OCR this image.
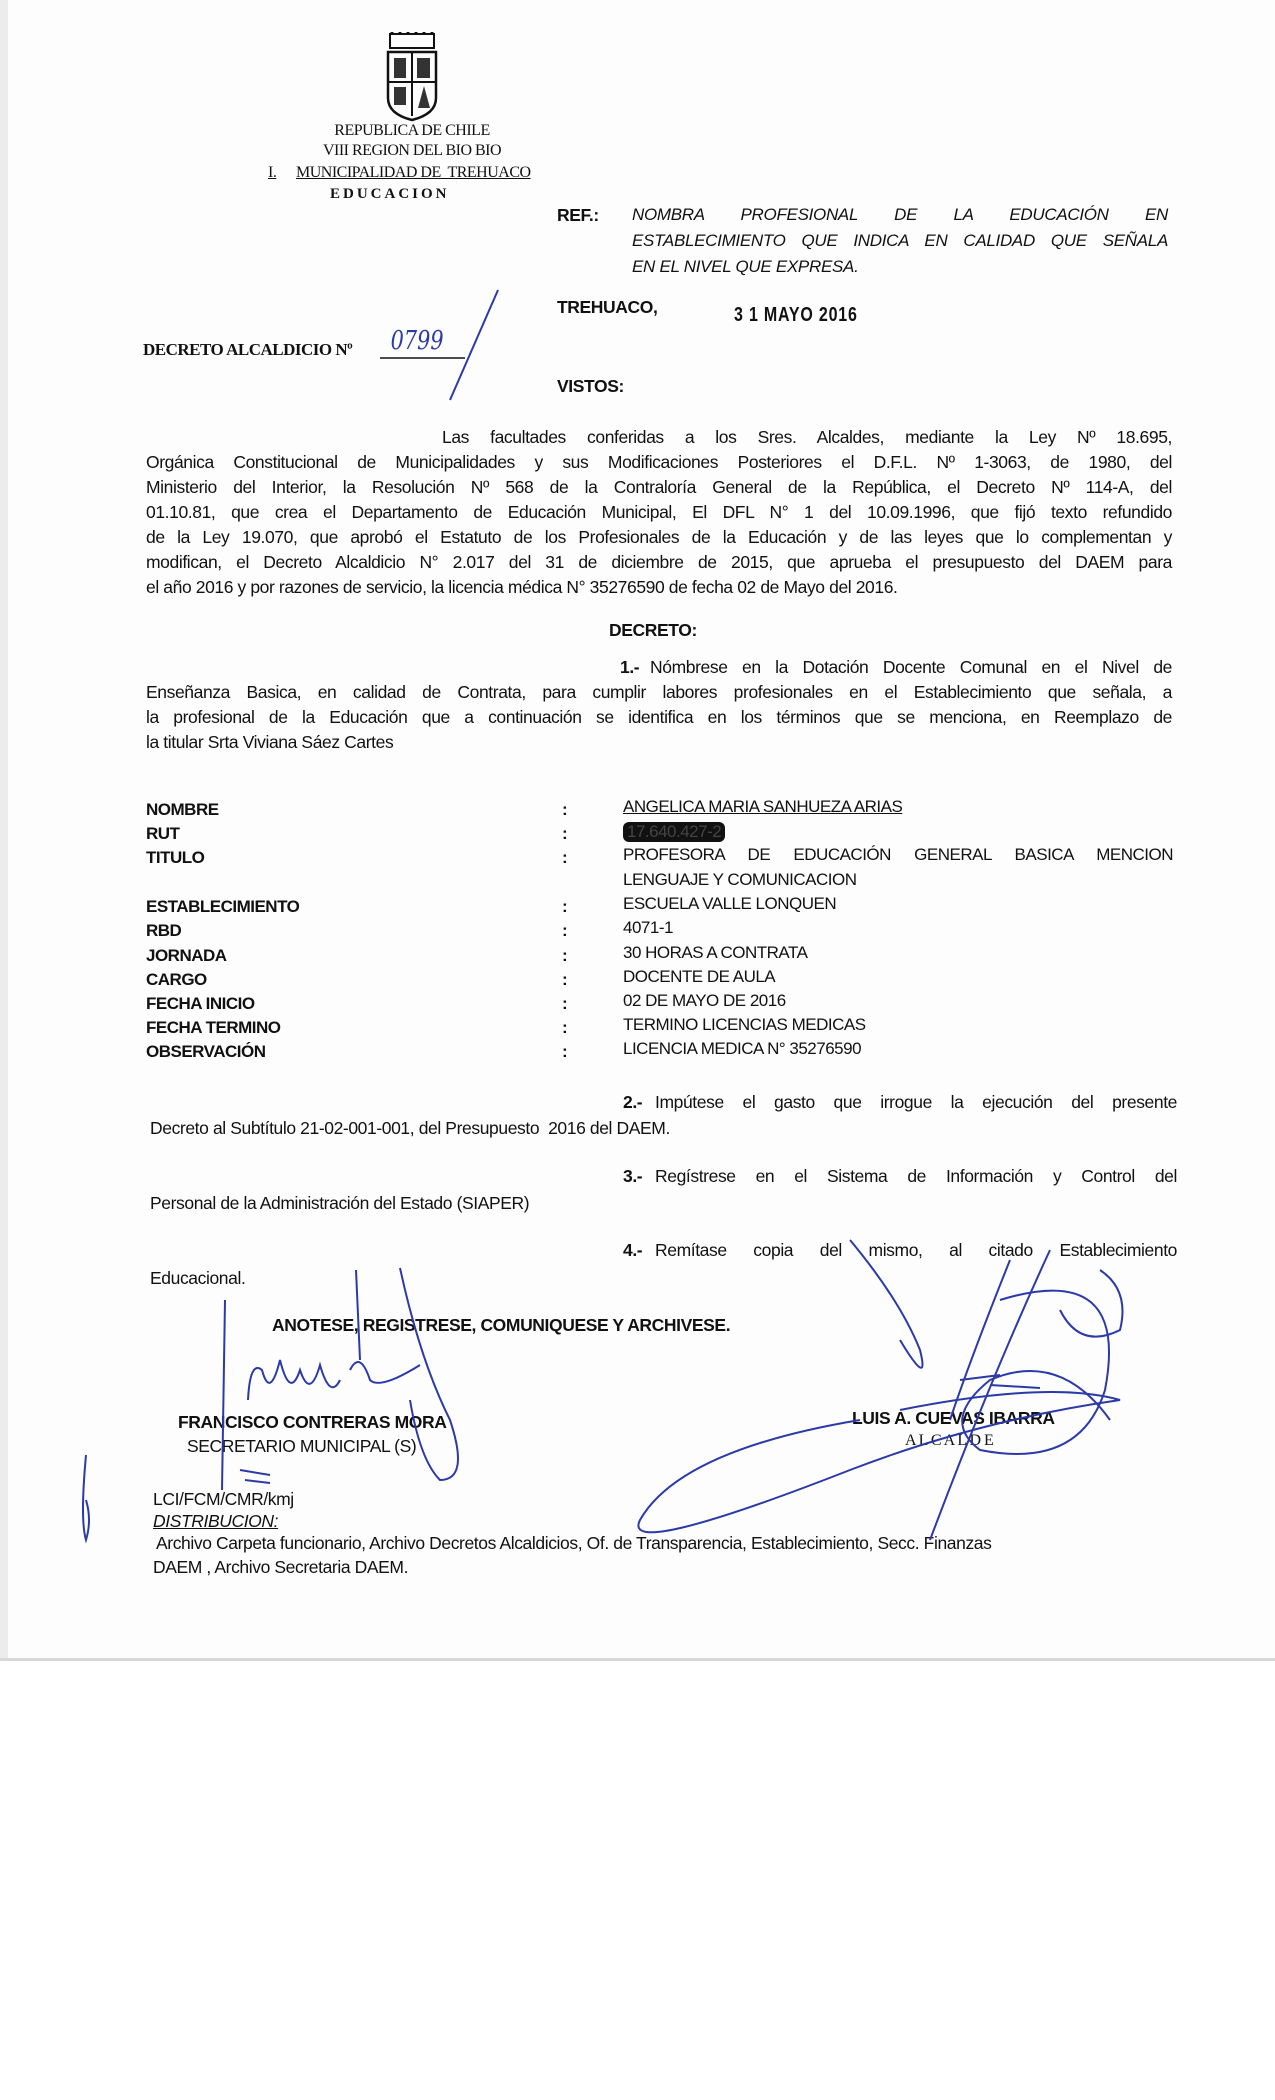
REPUBLICA DE CHILE
VIII REGION DEL BIO BIO
I. MUNICIPALIDAD DE  TREHUACO
EDUCACION
REF.: NOMBRA PROFESIONAL DE LA EDUCACIÓN EN
ESTABLECIMIENTO QUE INDICA EN CALIDAD QUE SEÑALA
EN EL NIVEL QUE EXPRESA.
TREHUACO,	3 1 MAYO 2016
DECRETO ALCALDICIO Nº 0799
VISTOS:
Las facultades conferidas a los Sres. Alcaldes, mediante la Ley Nº 18.695,
Orgánica Constitucional de Municipalidades y sus Modificaciones Posteriores el D.F.L. Nº 1-3063, de 1980, del
Ministerio del Interior, la Resolución Nº 568 de la Contraloría General de la República, el Decreto Nº 114-A, del
01.10.81, que crea el Departamento de Educación Municipal, El DFL N° 1 del 10.09.1996, que fijó texto refundido
de la Ley 19.070, que aprobó el Estatuto de los Profesionales de la Educación y de las leyes que lo complementan y
modifican, el Decreto Alcaldicio N° 2.017 del 31 de diciembre de 2015, que aprueba el presupuesto del DAEM para
el año 2016 y por razones de servicio, la licencia médica N° 35276590 de fecha 02 de Mayo del 2016.
DECRETO:
1.- Nómbrese en la Dotación Docente Comunal en el Nivel de
Enseñanza Basica, en calidad de Contrata, para cumplir labores profesionales en el Establecimiento que señala, a
la profesional de la Educación que a continuación se identifica en los términos que se menciona, en Reemplazo de
la titular Srta Viviana Sáez Cartes
NOMBRE	:	ANGELICA MARIA SANHUEZA ARIAS
RUT	:	17.640.427-2
TITULO	:	PROFESORA DE EDUCACIÓN GENERAL BASICA MENCION
LENGUAJE Y COMUNICACION
ESTABLECIMIENTO	:	ESCUELA VALLE LONQUEN
RBD	:	4071-1
JORNADA	:	30 HORAS A CONTRATA
CARGO	:	DOCENTE DE AULA
FECHA INICIO	:	02 DE MAYO DE 2016
FECHA TERMINO	:	TERMINO LICENCIAS MEDICAS
OBSERVACIÓN	:	LICENCIA MEDICA N° 35276590
2.- Impútese el gasto que irrogue la ejecución del presente
Decreto al Subtítulo 21-02-001-001, del Presupuesto  2016 del DAEM.
3.- Regístrese en el Sistema de Información y Control del
Personal de la Administración del Estado (SIAPER)
4.- Remítase copia del mismo, al citado Establecimiento
Educacional.
ANOTESE, REGISTRESE, COMUNIQUESE Y ARCHIVESE.
FRANCISCO CONTRERAS MORA
SECRETARIO MUNICIPAL (S)
LUIS A. CUEVAS IBARRA
A L C A L D E
LCI/FCM/CMR/kmj
DISTRIBUCION:
Archivo Carpeta funcionario, Archivo Decretos Alcaldicios, Of. de Transparencia, Establecimiento, Secc. Finanzas
DAEM , Archivo Secretaria DAEM.
